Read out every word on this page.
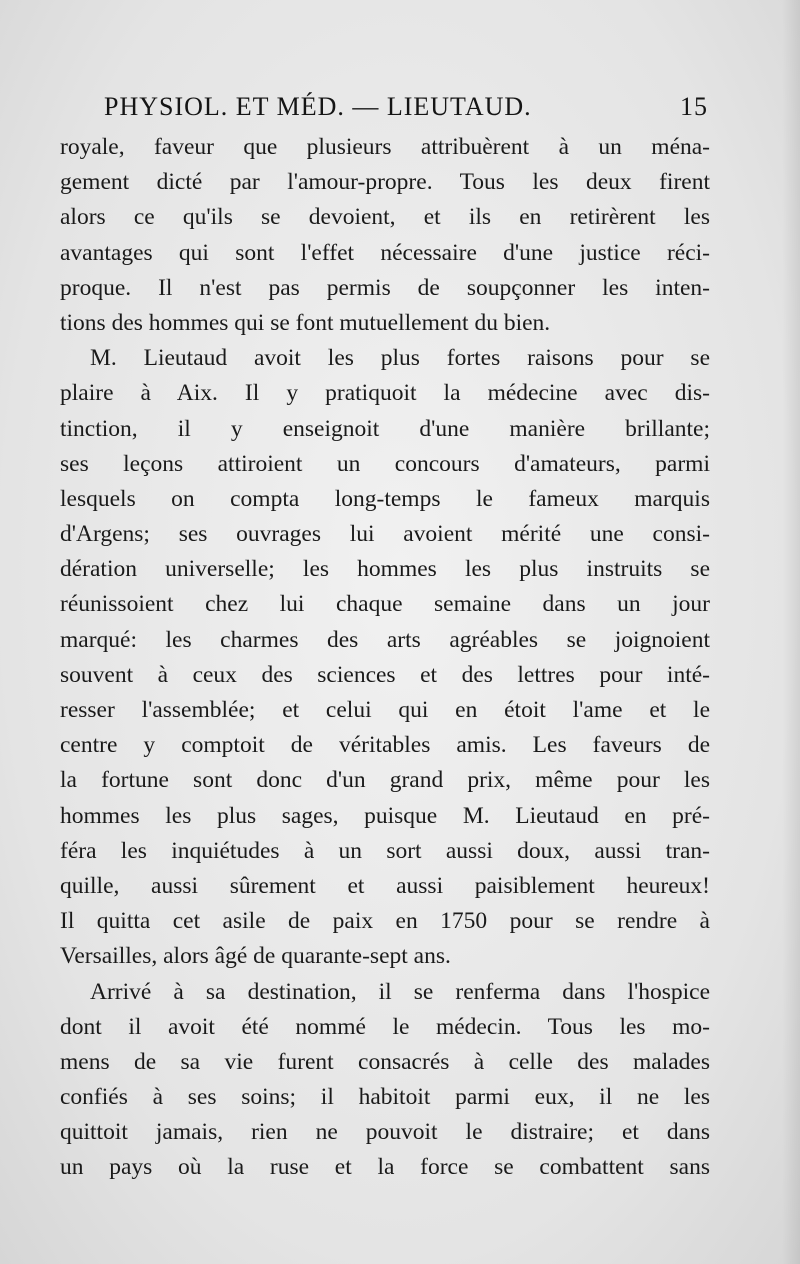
PHYSIOL. ET MÉD. — LIEUTAUD.	15
royale, faveur que plusieurs attribuèrent à un ména-
gement dicté par l'amour-propre. Tous les deux firent
alors ce qu'ils se devoient, et ils en retirèrent les
avantages qui sont l'effet nécessaire d'une justice réci-
proque. Il n'est pas permis de soupçonner les inten-
tions des hommes qui se font mutuellement du bien.
M. Lieutaud avoit les plus fortes raisons pour se
plaire à Aix. Il y pratiquoit la médecine avec dis-
tinction, il y enseignoit d'une manière brillante;
ses leçons attiroient un concours d'amateurs, parmi
lesquels on compta long-temps le fameux marquis
d'Argens; ses ouvrages lui avoient mérité une consi-
dération universelle; les hommes les plus instruits se
réunissoient chez lui chaque semaine dans un jour
marqué: les charmes des arts agréables se joignoient
souvent à ceux des sciences et des lettres pour inté-
resser l'assemblée; et celui qui en étoit l'ame et le
centre y comptoit de véritables amis. Les faveurs de
la fortune sont donc d'un grand prix, même pour les
hommes les plus sages, puisque M. Lieutaud en pré-
féra les inquiétudes à un sort aussi doux, aussi tran-
quille, aussi sûrement et aussi paisiblement heureux!
Il quitta cet asile de paix en 1750 pour se rendre à
Versailles, alors âgé de quarante-sept ans.
Arrivé à sa destination, il se renferma dans l'hospice
dont il avoit été nommé le médecin. Tous les mo-
mens de sa vie furent consacrés à celle des malades
confiés à ses soins; il habitoit parmi eux, il ne les
quittoit jamais, rien ne pouvoit le distraire; et dans
un pays où la ruse et la force se combattent sans
